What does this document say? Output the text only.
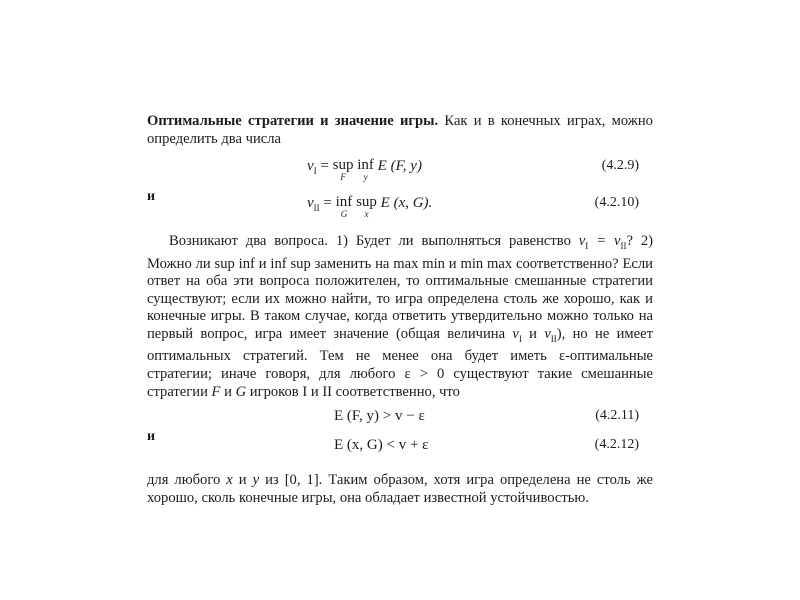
Оптимальные стратегии и значение игры. Как и в конечных играх, можно определить два числа

$v_I$ = sup
F
inf
y
E (F, y)	(4.2.9)
и	$v_{II}$ = inf
G
sup
x
E (x, G).	(4.2.10)

Возникают два вопроса. 1) Будет ли выполняться равенство $v_I = v_{II}$? 2) Можно ли sup inf и inf sup заменить на max min и min max соответственно? Если ответ на оба эти вопроса положителен, то оптимальные смешанные стратегии существуют; если их можно найти, то игра определена столь же хорошо, как и конечные игры. В таком случае, когда ответить утвердительно можно только на первый вопрос, игра имеет значение (общая величина $v_I$ и $v_{II}$), но не имеет оптимальных стратегий. Тем не менее она будет иметь ε-оптимальные стратегии; иначе говоря, для любого ε > 0 существуют такие смешанные стратегии F и G игроков I и II соответственно, что

E (F, y) > v − ε	(4.2.11)
и
E (x, G) < v + ε	(4.2.12)

для любого x и y из [0, 1]. Таким образом, хотя игра определена не столь же хорошо, сколь конечные игры, она обладает известной устойчивостью.
